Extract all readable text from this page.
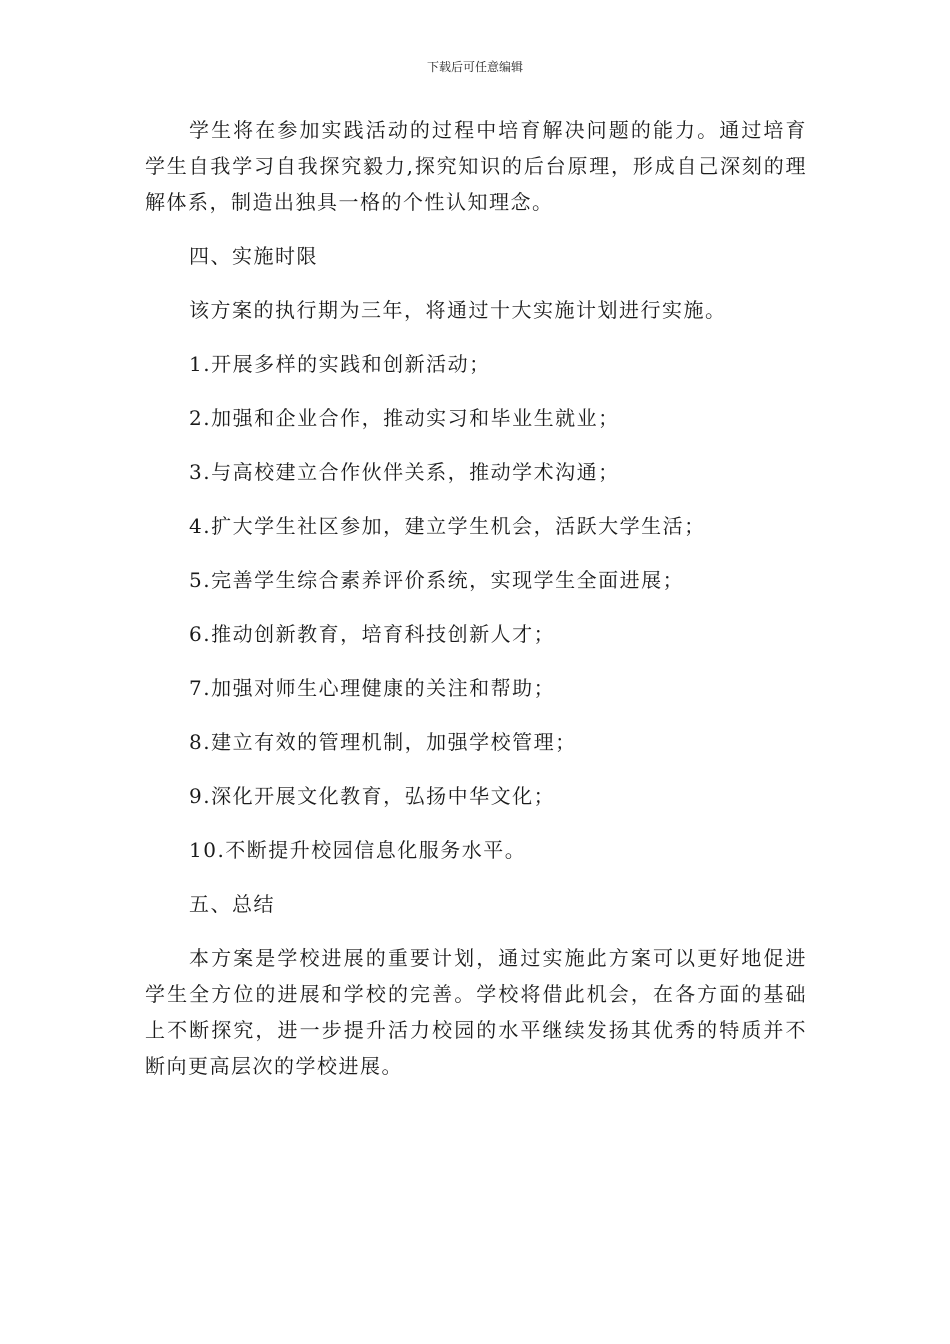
下载后可任意编辑

学生将在参加实践活动的过程中培育解决问题的能力。通过培育学生自我学习自我探究毅力,探究知识的后台原理，形成自己深刻的理解体系，制造出独具一格的个性认知理念。

四、实施时限
该方案的执行期为三年，将通过十大实施计划进行实施。
1.开展多样的实践和创新活动；
2.加强和企业合作，推动实习和毕业生就业；
3.与高校建立合作伙伴关系，推动学术沟通；
4.扩大学生社区参加，建立学生机会，活跃大学生活；
5.完善学生综合素养评价系统，实现学生全面进展；
6.推动创新教育，培育科技创新人才；
7.加强对师生心理健康的关注和帮助；
8.建立有效的管理机制，加强学校管理；
9.深化开展文化教育，弘扬中华文化；
10.不断提升校园信息化服务水平。
五、总结

本方案是学校进展的重要计划，通过实施此方案可以更好地促进学生全方位的进展和学校的完善。学校将借此机会，在各方面的基础上不断探究，进一步提升活力校园的水平继续发扬其优秀的特质并不断向更高层次的学校进展。
